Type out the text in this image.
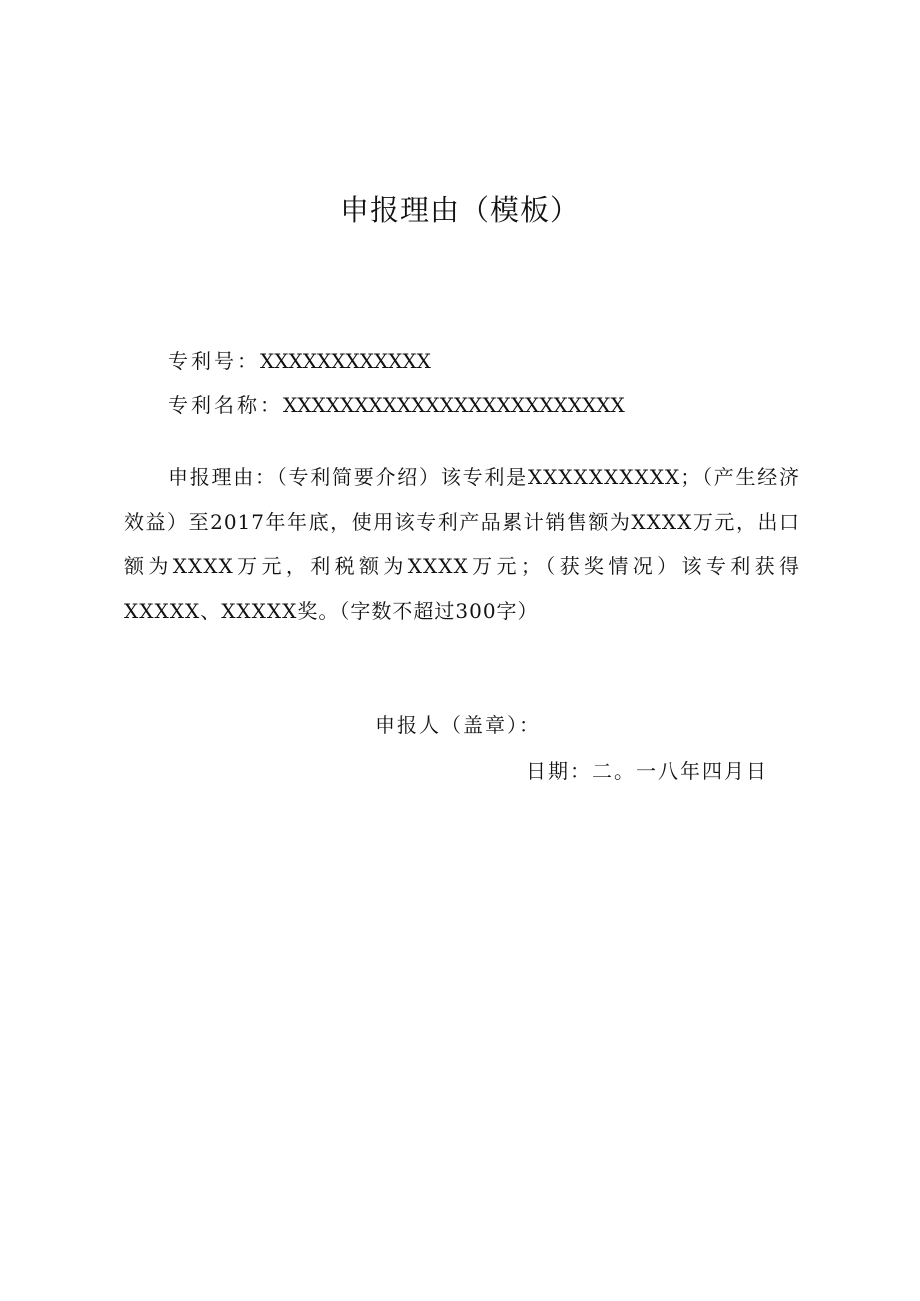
申报理由（模板）
专利号：XXXXXXXXXXXX
专利名称：XXXXXXXXXXXXXXXXXXXXXXXX

申报理由：（专利简要介绍）该专利是XXXXXXXXXX；（产生经济效益）至2017年年底，使用该专利产品累计销售额为XXXX万元，出口额为XXXX万元，利税额为XXXX万元；（获奖情况）该专利获得XXXXX、XXXXX奖。（字数不超过300字）

申报人（盖章）：
日期：二。一八年四月日
